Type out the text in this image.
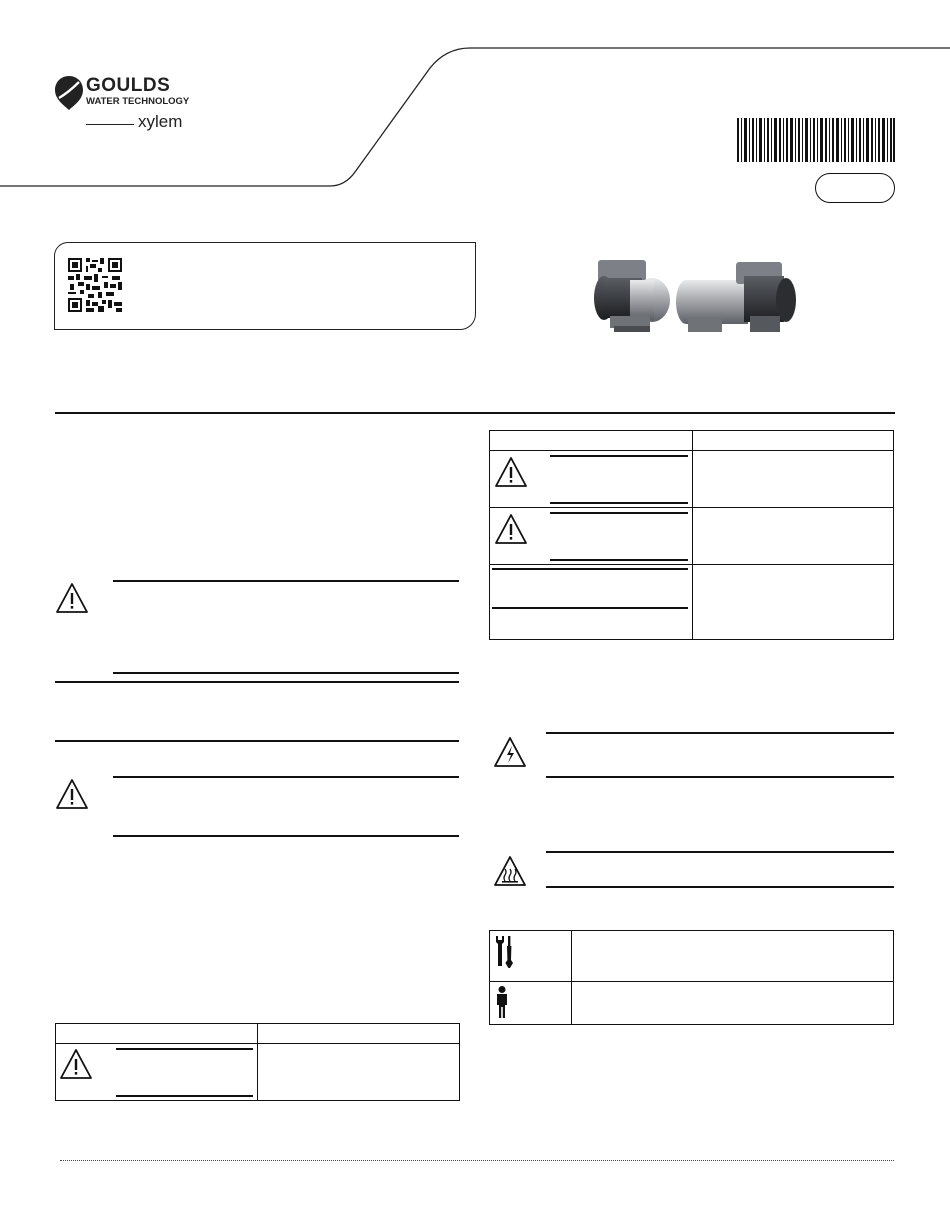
GOULDS
WATER TECHNOLOGY
xylem
